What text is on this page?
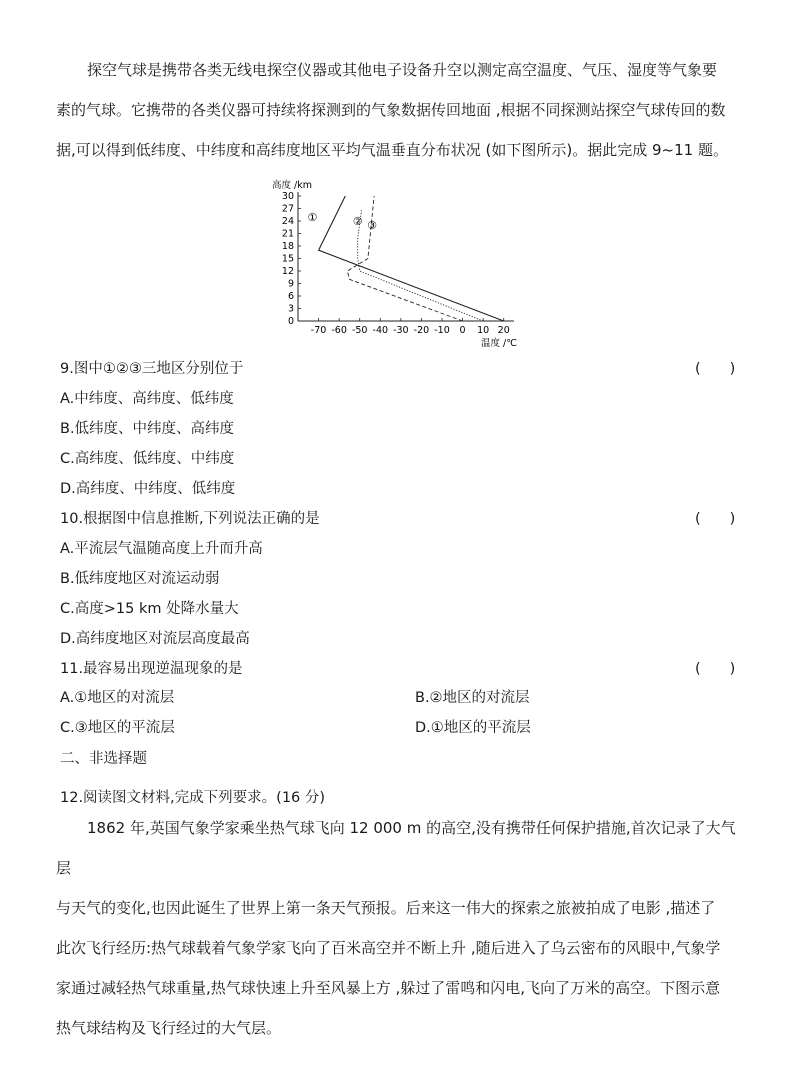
探空气球是携带各类无线电探空仪器或其他电子设备升空以测定高空温度、气压、湿度等气象要

素的气球。它携带的各类仪器可持续将探测到的气象数据传回地面 ,根据不同探测站探空气球传回的数

据,可以得到低纬度、中纬度和高纬度地区平均气温垂直分布状况 (如下图所示)。据此完成 9~11 题。

0
3
6
9
12
15
18
21
24
27
30
-70 -60 -50 -40 -30 -20 -10 0 10 20
①	② ③
高度 /km
温度 /℃
9.图中①②③三地区分别位于	(　　)
A.中纬度、高纬度、低纬度
B.低纬度、中纬度、高纬度
C.高纬度、低纬度、中纬度
D.高纬度、中纬度、低纬度
10.根据图中信息推断,下列说法正确的是	(　　)
A.平流层气温随高度上升而升高
B.低纬度地区对流运动弱
C.高度>15 km 处降水量大
D.高纬度地区对流层高度最高
11.最容易出现逆温现象的是	(　　)
A.①地区的对流层	B.②地区的对流层
C.③地区的平流层	D.①地区的平流层
二、非选择题
12.阅读图文材料,完成下列要求。(16 分)

1862 年,英国气象学家乘坐热气球飞向 12 000 m 的高空,没有携带任何保护措施,首次记录了大气层

与天气的变化,也因此诞生了世界上第一条天气预报。后来这一伟大的探索之旅被拍成了电影 ,描述了

此次飞行经历:热气球载着气象学家飞向了百米高空并不断上升 ,随后进入了乌云密布的风眼中,气象学

家通过减轻热气球重量,热气球快速上升至风暴上方 ,躲过了雷鸣和闪电,飞向了万米的高空。下图示意

热气球结构及飞行经过的大气层。
